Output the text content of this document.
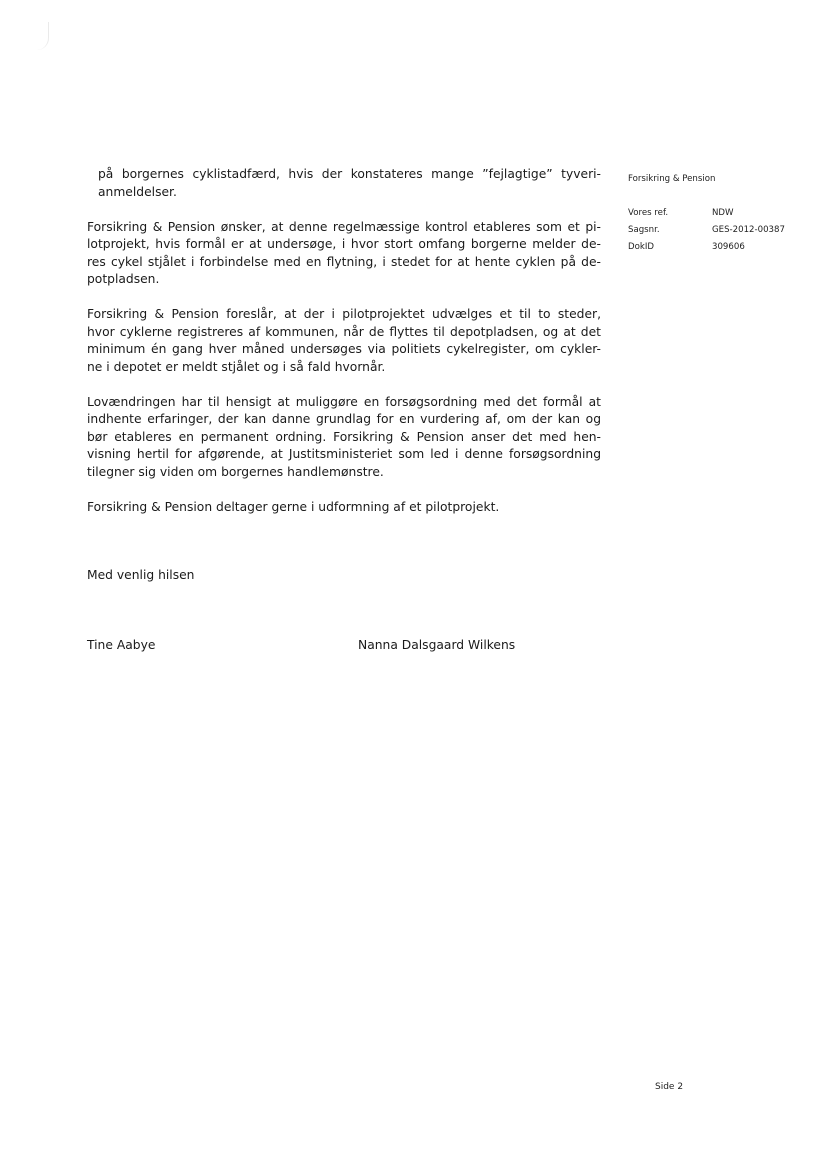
Forsikring & Pension
Vores ref.	NDW
Sagsnr.	GES-2012-00387
DokID	309606
på borgernes cyklistadfærd, hvis der konstateres mange ”fejlagtige” tyveri-
anmeldelser.
Forsikring & Pension ønsker, at denne regelmæssige kontrol etableres som et pi-
lotprojekt, hvis formål er at undersøge, i hvor stort omfang borgerne melder de-
res cykel stjålet i forbindelse med en flytning, i stedet for at hente cyklen på de-
potpladsen.
Forsikring & Pension foreslår, at der i pilotprojektet udvælges et til to steder,
hvor cyklerne registreres af kommunen, når de flyttes til depotpladsen, og at det
minimum én gang hver måned undersøges via politiets cykelregister, om cykler-
ne i depotet er meldt stjålet og i så fald hvornår.
Lovændringen har til hensigt at muliggøre en forsøgsordning med det formål at
indhente erfaringer, der kan danne grundlag for en vurdering af, om der kan og
bør etableres en permanent ordning. Forsikring & Pension anser det med hen-
visning hertil for afgørende, at Justitsministeriet som led i denne forsøgsordning
tilegner sig viden om borgernes handlemønstre.
Forsikring & Pension deltager gerne i udformning af et pilotprojekt.
Med venlig hilsen
Tine Aabye	Nanna Dalsgaard Wilkens
Side 2
